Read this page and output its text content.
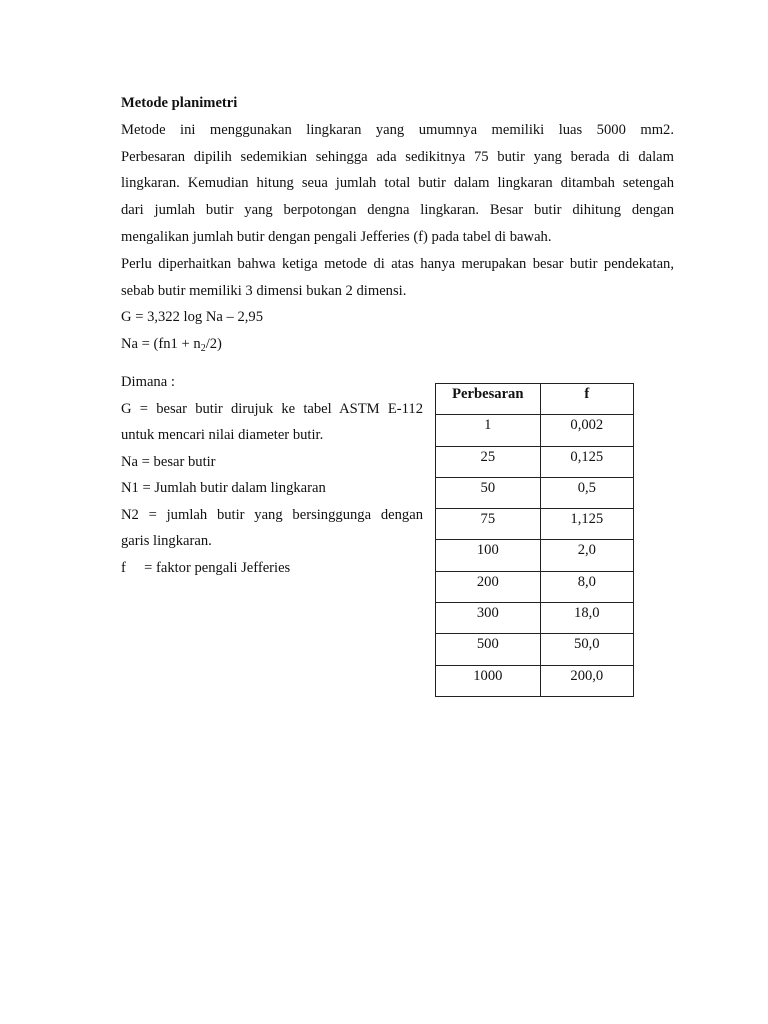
Metode planimetri
Metode ini menggunakan lingkaran yang umumnya memiliki luas 5000 mm2.
Perbesaran dipilih sedemikian sehingga ada sedikitnya 75 butir yang berada di dalam
lingkaran. Kemudian hitung seua jumlah total butir dalam lingkaran ditambah setengah
dari jumlah butir yang berpotongan dengna lingkaran. Besar butir dihitung dengan
mengalikan jumlah butir dengan pengali Jefferies (f) pada tabel di bawah.
Perlu diperhaitkan bahwa ketiga metode di atas hanya merupakan besar butir pendekatan,
sebab butir memiliki 3 dimensi bukan 2 dimensi.
G = 3,322 log Na – 2,95
$Na = (fn1 + n_2/2)$
Dimana :
G = besar butir dirujuk ke tabel ASTM E-112
untuk mencari nilai diameter butir.
Na = besar butir
N1 = Jumlah butir dalam lingkaran
N2 = jumlah butir yang bersinggunga dengan
garis lingkaran.
f     = faktor pengali Jefferies
Perbesaran	f
1	0,002
25	0,125
50	0,5
75	1,125
100	2,0
200	8,0
300	18,0
500	50,0
1000	200,0
